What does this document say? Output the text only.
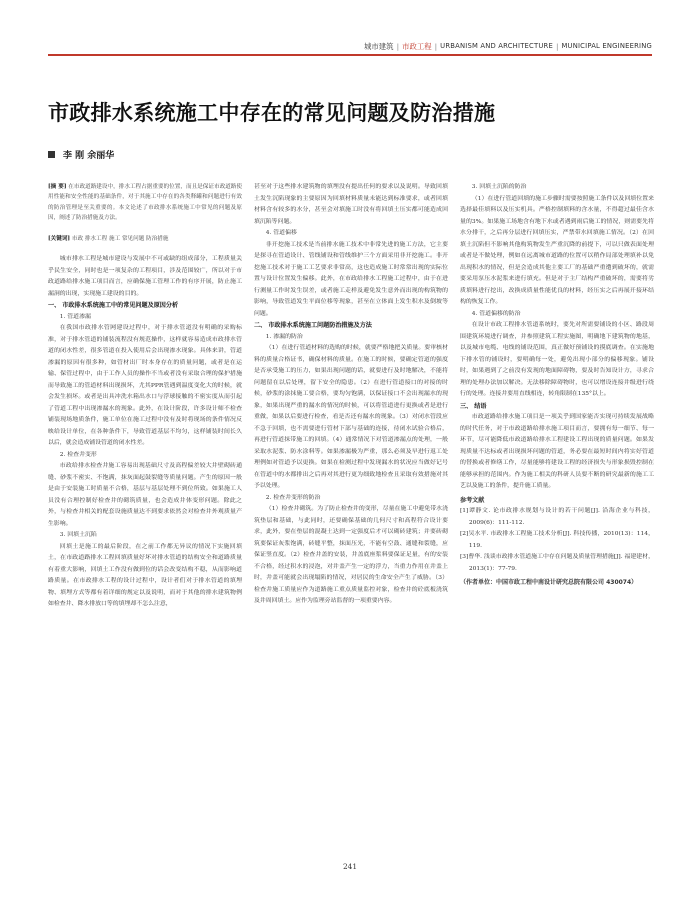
城市建筑 | 市政工程 | URBANISM AND ARCHITECTURE | MUNICIPAL ENGINEERING
市政排水系统施工中存在的常见问题及防治措施
李 刚 余丽华
[摘 要] 在市政道路建设中，排水工程占据重要的位置，而且是保证市政道路使用性能和安全性能的基础条件，对于其施工中存在的各类释罐和问题进行有效的防治管理是至关重要的。本文论述了市政排水系统施工中常见的问题及原因，阐述了防治措施及方法。
[关键词] 市政 排水工程 施工 常见问题 防治措施

城市排水工程是城市建设与发展中不可或缺的组成部分，工程质量关乎民生安全，同时也是一项复杂的工程项目，涉及范围较广，所以对于市政道路给排水施工项目而言，应确保施工管理工作的有序开展，防止施工漏洞的出现，实现施工建设的目的。

一、 市政排水系统施工中的常见问题及原因分析

1. 管道渗漏

在我国市政排水管网建设过程中，对于排水管道没有明确的采购标准，对于排水管道的铺装流程没有规范操作，这样就容易造成市政排水管道的闭水性差，很多管道在投入使用后会出现渗水现象。具体来讲，管道渗漏的原因有很多种，如管材出厂时本身存在的质量问题，或者是在运输、保管过程中，由于工作人员的操作不当或者没有采取合理的保护措施而导致施工的管道材料出现损坏，尤其PPR管遇到温度变化大的时候，就会发生损坏。或者是出具冲洗水箱出水口与浮球接触的不密实度从而引起了管道工程中出现渗漏水的现象。此外，在设计阶段，许多设计师不检查铺装现场地质条件，施工单位在施工过程中没有及时将现场的条件情况反映给设计单位，在各种条件下，导致管道基层不均匀，这样铺装时间长久以后，就会造成铺设管道的闭水性差。

2. 检查井变形

市政给排水检查井施工容易出现基础尺寸及高程偏差较大井壁砌砖通缝、砂浆不密实、不饱满，抹灰面起鼓裂缝等质量问题。产生的原因一般是由于安装施工时质量不合格，基层与基层处理不到位所致。如果施工人员没有合理控制好检查井的砌筑质量，也会造成井体变形问题。除此之外，与检查井相关的配套设施质量达不到要求依然会对检查井外观质量产生影响。

3. 回填土沉陷

回填土是施工的最后阶段，在之前工作都无异议的情况下实施回填土，在市政道路排水工程回填质量好坏对排水管道的结构安全和道路质量有着重大影响，回填土工作没有做到位的话会改变结构不稳，从而影响道路质量。在市政排水工程的设计过程中，设计者们对于排水管道的填埋物、填埋方式等都有着详细的规定以及说明，而对于其他的排水建筑物例如检查井、降水排放口等的填埋却不怎么注意，

甚至对于这些排水建筑物的填埋没有提出任何的要求以及说明。导致回填土发生沉陷现象的主要原因为回填材料质量未能达到标准要求，或者回填材料含有较多的水分，甚至会对填施工时没有将回填土压实都可能造成回填沉陷等问题。

4. 管道偏移

非开挖施工技术是当前排水施工技术中非常先进的施工方法，它主要是探寻在管道设计、管线铺设和管线维护三个方面采用非开挖施工。非开挖施工技术对于施工工艺要求非常高，这也造成施工时常常出现的实际位置与设计位置发生偏移。此外，在市政给排水工程施工过程中，由于在进行测量工作时发生误差，或者施工走样及避免发生意外而出现的构筑物的影响，导致管道发生平面位移等现象，甚至在立体面上发生积水及倒坡等问题。

二、 市政排水系统施工问题防治措施及方法

1. 渗漏的防治

（1）在进行管道材料的选购的时候，就要严格地把关质量。要审核材料的质量合格证书，确保材料的质量。在施工的时候，要确定管道的强度是否承受施工的压力，如果出现问题的话，就要进行及时地解决，不能将问题留在以后处理，留下安全的隐患。（2）在进行管道接口的对接的时候，砂浆的涂抹施工要合格，要均匀饱满，以保证接口不会出现漏水的现象，如果出现严重的漏水的情况的时候，可以将管道进行更换或者是进行重做，如果以后要进行检查，看是否还有漏水的现象。（3）对闭水管段应不急于回填，也不需要进行管材下部与基础的连接，待闭水试验合格后，再进行管道抹带施工的回填。（4）通常情况下对管道渗漏点的处理，一般采取水泥浆、防水涂料等。如果渗漏极为严重，那么必须及早进行返工处理例如对管道予以更换。如果在检测过程中发现漏水的状况应当做好记号在管道中的水都排出之后再对其进行更为细致地检查且采取有效措施对其予以处理。

2. 检查井变形的防治

（1）检查井砌筑。为了防止检查井的变形，尽量在施工中避免带水浇筑垫层和基础，与此同时，还要确保基础的几何尺寸和高程符合设计要求，此外，要在垫层的混凝土达到一定强度后才可以砌砖建筑；并要砖砌筑要保证灰浆饱满，砖缝平整，抹面压光，不能有空鼓、通缝和裂缝，应保证竖直度。（2）检查井盖的安装，井盖底座浆料要保证足量，有的安装不合格，经过积水的浸泡，对井盖产生一定的浮力，当重力作用在井盖上时，井盖可能就会出现塌陷的情况，对居民的生命安全产生了威胁。（3）检查井施工质量应作为道路施工重点质量监控对象，检查井的砼底板浇筑及井周回填土。应作为监理旁站监督的一项重要内容。

3. 回填土沉陷的防治

（1）在进行管道回填的施工步骤时需要按照施工条件以及回填位置来选择最佳填料以及压实机具。严格控制填料的含水量，不得超过最佳含水量的3%。如果施工场地含有地下水或者遇到雨后施工的情况，则需要先将水分排干，之后再分层进行回填压实，严禁带水回填施工情况。（2）在回填土沉陷但不影响其他构筑物发生严重沉降的前提下，可以只做表面处理或者是不做处理，例如在远离城市道路的位置可以稍作局部处理填补以免出现积水的情况，但是会造成其他主要工厂的基础严重遭到破坏的，就需要采用泵压水泥浆来进行填充。但是对于主厂结构严重破坏的，需要将劣质填料进行挖出，改换成质量性能优良的材料，经压实之后再展开接环结构的恢复工作。

4. 管道偏移的防治

在设计市政工程排水管道系统时，要先对所需要铺设的小区、路段周围建筑环境进行调查，并参照建筑工程实施图，明确地下建筑物的地基，以及城市电缆、电线的铺设范围，真正做好预铺设的摸底调查。在实施地下排水管的铺设时，要明确每一处，避免出现小部分的偏移现象。铺设时，如果遇到了之前没有发现的地面障碍物，要及时告知设计方，寻求合理的处理办法加以解决。无法移除障碍物时，也可以增设连接井级进行绕行的处理。连接井要用直线相连，转角限制在135°以上。

三、 结语

市政道路给排水施工项目是一项关乎到国家能否实现可持续发展战略的时代任务，对于市政道路给排水施工项目而言，要拥有每一细节、每一环节，尽可能降低市政道路给排水工程建设工程出现的质量问题。如果发现质量不达标或者出现损坏问题的管道，务必要在最短时间内将实好管道的替换或者修缮工作，尽量能够将建设工程的经济损失与形象损毁控制在能够承担的范围内。作为施工相关的科研人员要不断的研究最新的施工工艺以及施工的条件，提升施工质量。

参考文献

[1]谭静文. 论市政排水规划与设计的若干问题[J]. 沿海企业与科技，2009(6)：111-112.

[2]吴水平. 市政排水工程施工技术分析[J]. 科技传播，2010(13)：114，119.

[3]曹华. 浅谈市政排水管道施工中存在问题及质量管理措施[J]. 福建建材，2013(1)：77-79.

（作者单位：中国市政工程中南设计研究总院有限公司 430074）

241
